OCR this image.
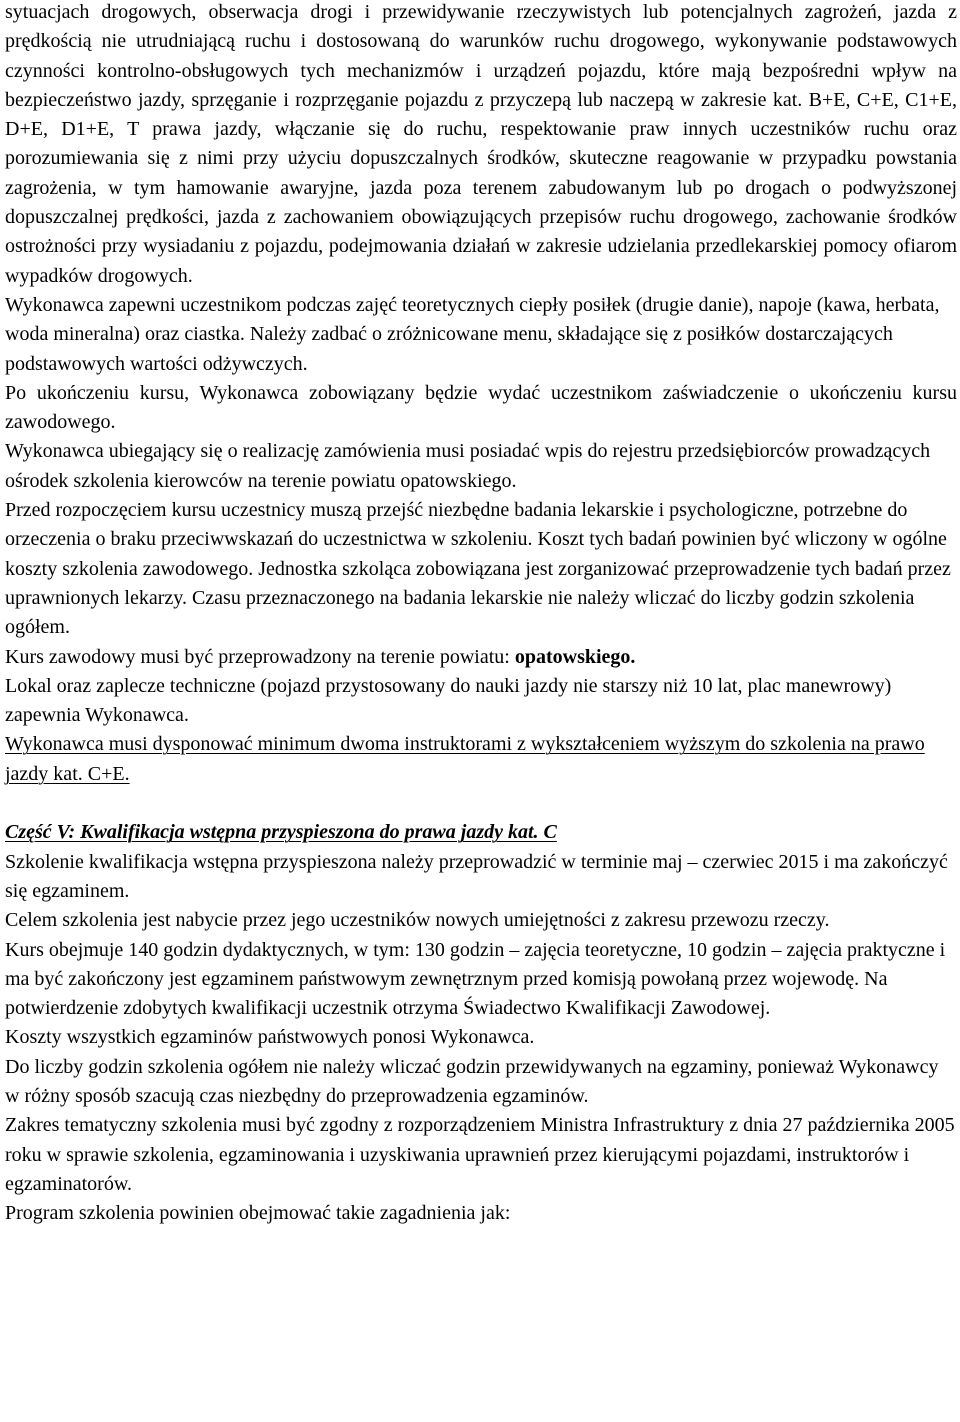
sytuacjach drogowych, obserwacja drogi i przewidywanie rzeczywistych lub potencjalnych zagrożeń, jazda z prędkością nie utrudniającą ruchu i dostosowaną do warunków ruchu drogowego, wykonywanie podstawowych czynności kontrolno-obsługowych tych mechanizmów i urządzeń pojazdu, które mają bezpośredni wpływ na bezpieczeństwo jazdy, sprzęganie i rozprzęganie pojazdu z przyczepą lub naczepą w zakresie kat. B+E, C+E, C1+E, D+E, D1+E, T prawa jazdy, włączanie się do ruchu, respektowanie praw innych uczestników ruchu oraz porozumiewania się z nimi przy użyciu dopuszczalnych środków, skuteczne reagowanie w przypadku powstania zagrożenia, w tym hamowanie awaryjne, jazda poza terenem zabudowanym lub po drogach o podwyższonej dopuszczalnej prędkości, jazda z zachowaniem obowiązujących przepisów ruchu drogowego, zachowanie środków ostrożności przy wysiadaniu z pojazdu, podejmowania działań w zakresie udzielania przedlekarskiej pomocy ofiarom wypadków drogowych.

Wykonawca zapewni uczestnikom podczas zajęć teoretycznych ciepły posiłek (drugie danie), napoje (kawa, herbata, woda mineralna) oraz ciastka. Należy zadbać o zróżnicowane menu, składające się z posiłków dostarczających podstawowych wartości odżywczych.

Po ukończeniu kursu, Wykonawca zobowiązany będzie wydać uczestnikom zaświadczenie o ukończeniu kursu zawodowego.

Wykonawca ubiegający się o realizację zamówienia musi posiadać wpis do rejestru przedsiębiorców prowadzących ośrodek szkolenia kierowców na terenie powiatu opatowskiego.

Przed rozpoczęciem kursu uczestnicy muszą przejść niezbędne badania lekarskie i psychologiczne, potrzebne do orzeczenia o braku przeciwwskazań do uczestnictwa w szkoleniu. Koszt tych badań powinien być wliczony w ogólne koszty szkolenia zawodowego. Jednostka szkoląca zobowiązana jest zorganizować przeprowadzenie tych badań przez uprawnionych lekarzy. Czasu przeznaczonego na badania lekarskie nie należy wliczać do liczby godzin szkolenia ogółem.

Kurs zawodowy musi być przeprowadzony na terenie powiatu: opatowskiego.

Lokal oraz zaplecze techniczne (pojazd przystosowany do nauki jazdy nie starszy niż 10 lat, plac manewrowy) zapewnia Wykonawca.

Wykonawca musi dysponować minimum dwoma instruktorami z wykształceniem wyższym do szkolenia na prawo jazdy kat. C+E.

Część V: Kwalifikacja wstępna przyspieszona do prawa jazdy kat. C

Szkolenie kwalifikacja wstępna przyspieszona należy przeprowadzić w terminie maj – czerwiec 2015 i ma zakończyć się egzaminem.

Celem szkolenia jest nabycie przez jego uczestników nowych umiejętności z zakresu przewozu rzeczy.

Kurs obejmuje 140 godzin dydaktycznych, w tym: 130 godzin – zajęcia teoretyczne, 10 godzin – zajęcia praktyczne i ma być zakończony jest egzaminem państwowym zewnętrznym przed komisją powołaną przez wojewodę. Na potwierdzenie zdobytych kwalifikacji uczestnik otrzyma Świadectwo Kwalifikacji Zawodowej.

Koszty wszystkich egzaminów państwowych ponosi Wykonawca.

Do liczby godzin szkolenia ogółem nie należy wliczać godzin przewidywanych na egzaminy, ponieważ Wykonawcy w różny sposób szacują czas niezbędny do przeprowadzenia egzaminów.

Zakres tematyczny szkolenia musi być zgodny z rozporządzeniem Ministra Infrastruktury z dnia 27 października 2005 roku w sprawie szkolenia, egzaminowania i uzyskiwania uprawnień przez kierującymi pojazdami, instruktorów i egzaminatorów.

Program szkolenia powinien obejmować takie zagadnienia jak:
